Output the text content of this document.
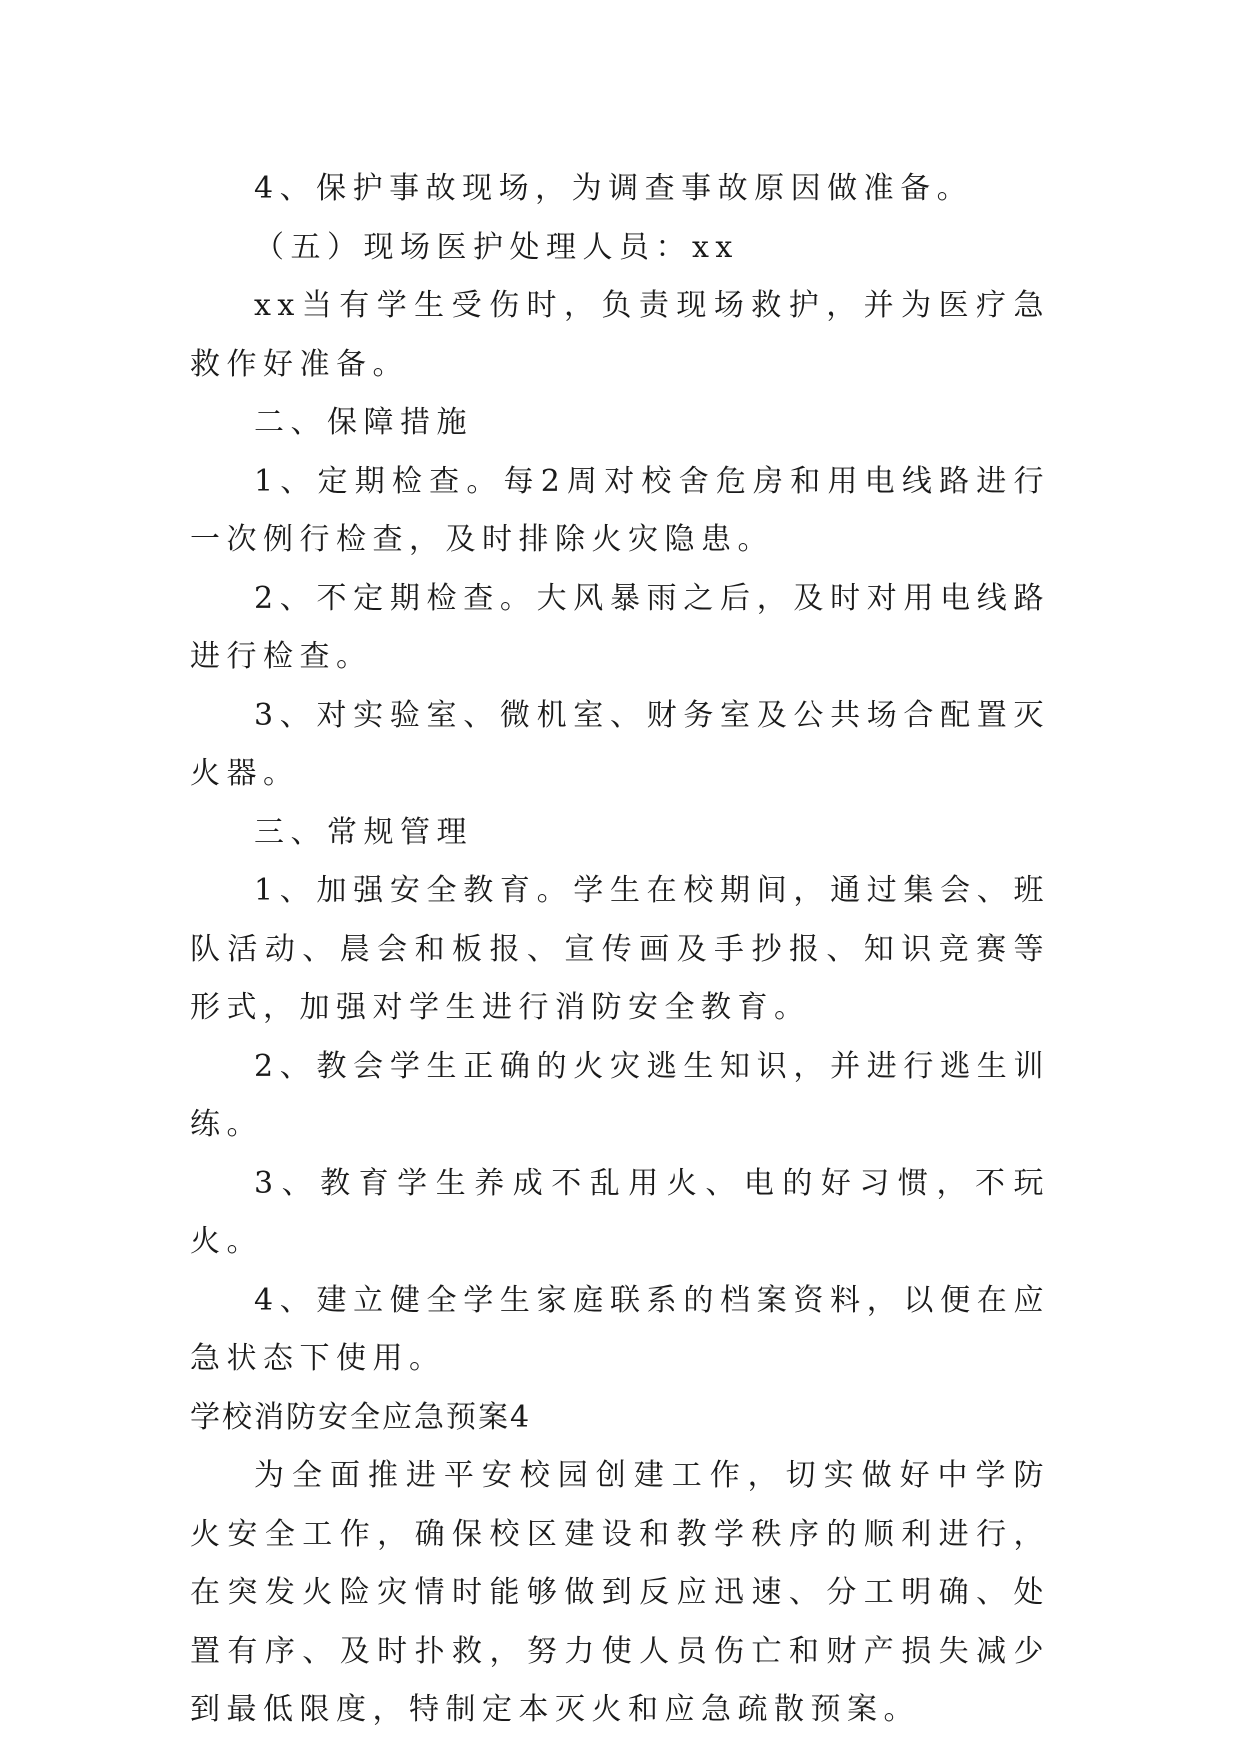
4、保护事故现场，为调查事故原因做准备。

（五）现场医护处理人员：xx

xx当有学生受伤时，负责现场救护，并为医疗急救作好准备。

二、保障措施

1、定期检查。每2周对校舍危房和用电线路进行一次例行检查，及时排除火灾隐患。

2、不定期检查。大风暴雨之后，及时对用电线路进行检查。

3、对实验室、微机室、财务室及公共场合配置灭火器。

三、常规管理

1、加强安全教育。学生在校期间，通过集会、班队活动、晨会和板报、宣传画及手抄报、知识竞赛等形式，加强对学生进行消防安全教育。

2、教会学生正确的火灾逃生知识，并进行逃生训练。

3、教育学生养成不乱用火、电的好习惯，不玩火。

4、建立健全学生家庭联系的档案资料，以便在应急状态下使用。

学校消防安全应急预案4

为全面推进平安校园创建工作，切实做好中学防火安全工作，确保校区建设和教学秩序的顺利进行，在突发火险灾情时能够做到反应迅速、分工明确、处置有序、及时扑救，努力使人员伤亡和财产损失减少到最低限度，特制定本灭火和应急疏散预案。
